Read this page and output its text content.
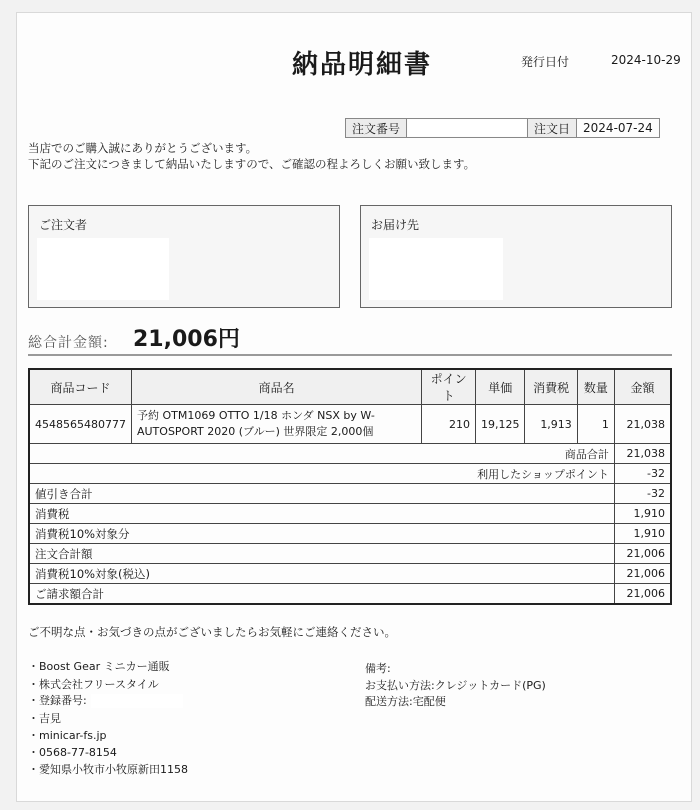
納品明細書	発行日付	2024-10-29
注文番号		注文日	2024-07-24
当店でのご購入誠にありがとうございます。
下記のご注文につきまして納品いたしますので、ご確認の程よろしくお願い致します。
ご注文者	お届け先
総合計金額: 21,006円
商品コード	商品名	ポイント	単価	消費税	数量	金額
4548565480777	予約 OTM1069 OTTO 1/18 ホンダ NSX by W-AUTOSPORT 2020 (ブルー) 世界限定 2,000個	210	19,125	1,913	1	21,038
商品合計						21,038
利用したショップポイント						-32
値引き合計						-32
消費税						1,910
消費税10%対象分						1,910
注文合計額						21,006
消費税10%対象(税込)						21,006
ご請求額合計						21,006
ご不明な点・お気づきの点がございましたらお気軽にご連絡ください。
・Boost Gear ミニカー通販
・株式会社フリースタイル
・登録番号:
・吉見
・minicar-fs.jp
・0568-77-8154
・愛知県小牧市小牧原新田1158
備考:
お支払い方法:クレジットカード(PG)
配送方法:宅配便
